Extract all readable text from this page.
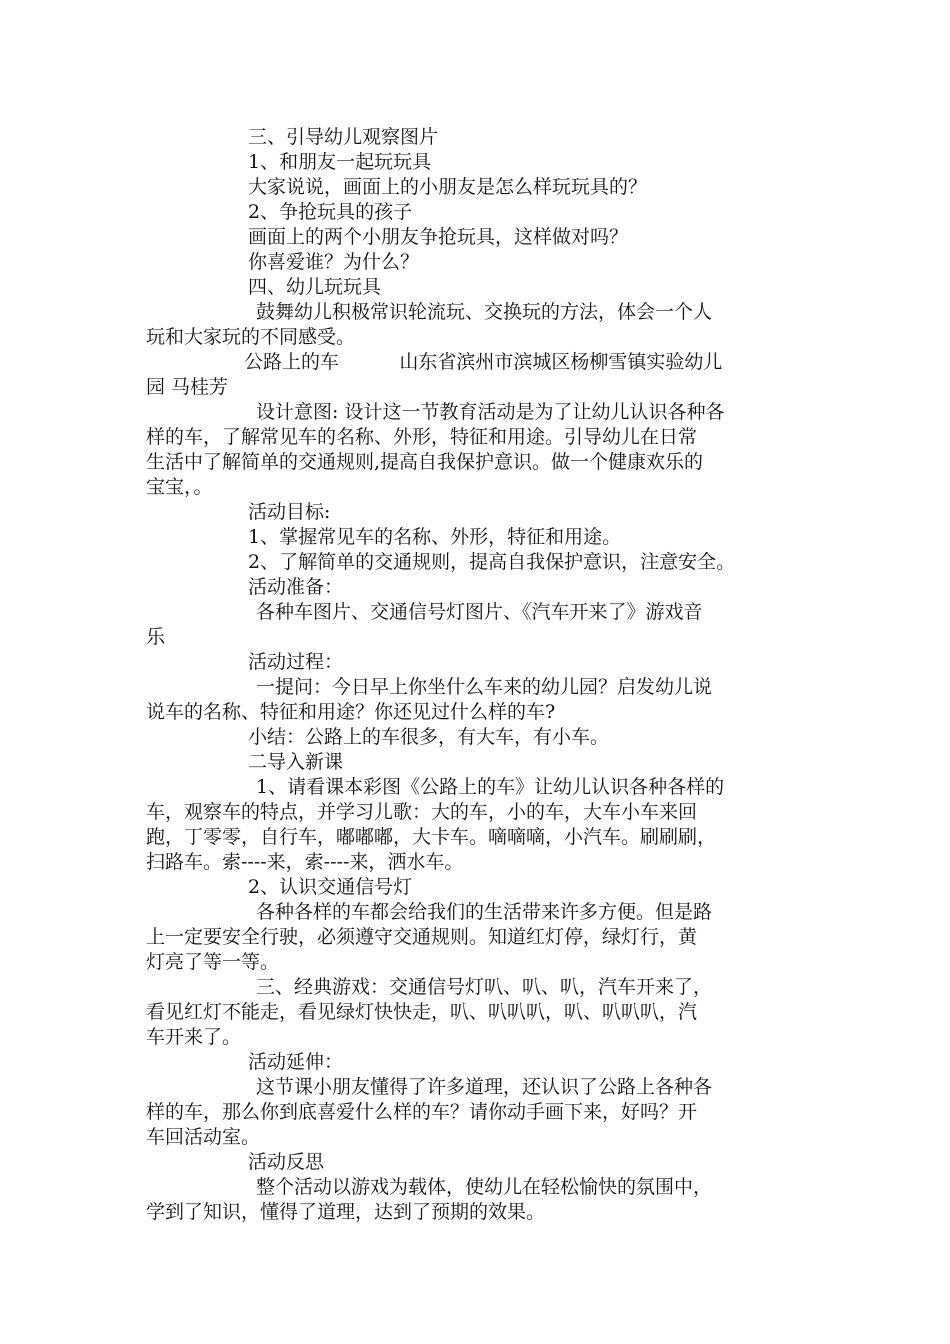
三、引导幼儿观察图片
1、和朋友一起玩玩具
大家说说，画面上的小朋友是怎么样玩玩具的？
2、争抢玩具的孩子
画面上的两个小朋友争抢玩具，这样做对吗？
你喜爱谁？为什么？
四、幼儿玩玩具
鼓舞幼儿积极常识轮流玩、交换玩的方法，体会一个人
玩和大家玩的不同感受。
公路上的车          山东省滨州市滨城区杨柳雪镇实验幼儿
园 马桂芳
设计意图: 设计这一节教育活动是为了让幼儿认识各种各
样的车，了解常见车的名称、外形，特征和用途。引导幼儿在日常
生活中了解简单的交通规则,提高自我保护意识。做一个健康欢乐的
宝宝，。
活动目标:
1、掌握常见车的名称、外形，特征和用途。
2、了解简单的交通规则，提高自我保护意识，注意安全。
活动准备：
各种车图片、交通信号灯图片、《汽车开来了》游戏音
乐
活动过程：
一提问：今日早上你坐什么车来的幼儿园？启发幼儿说
说车的名称、特征和用途？你还见过什么样的车?
小结：公路上的车很多，有大车，有小车。
二导入新课
1、请看课本彩图《公路上的车》让幼儿认识各种各样的
车，观察车的特点，并学习儿歌：大的车，小的车，大车小车来回
跑，丁零零，自行车，嘟嘟嘟，大卡车。嘀嘀嘀，小汽车。刷刷刷，
扫路车。索----来，索----来，洒水车。
2、认识交通信号灯
各种各样的车都会给我们的生活带来许多方便。但是路
上一定要安全行驶，必须遵守交通规则。知道红灯停，绿灯行，黄
灯亮了等一等。
三、经典游戏：交通信号灯叭、叭、叭，汽车开来了，
看见红灯不能走，看见绿灯快快走，叭、叭叭叭，叭、叭叭叭，汽
车开来了。
活动延伸：
这节课小朋友懂得了许多道理，还认识了公路上各种各
样的车，那么你到底喜爱什么样的车？请你动手画下来，好吗？开
车回活动室。
活动反思
整个活动以游戏为载体，使幼儿在轻松愉快的氛围中，
学到了知识，懂得了道理，达到了预期的效果。
